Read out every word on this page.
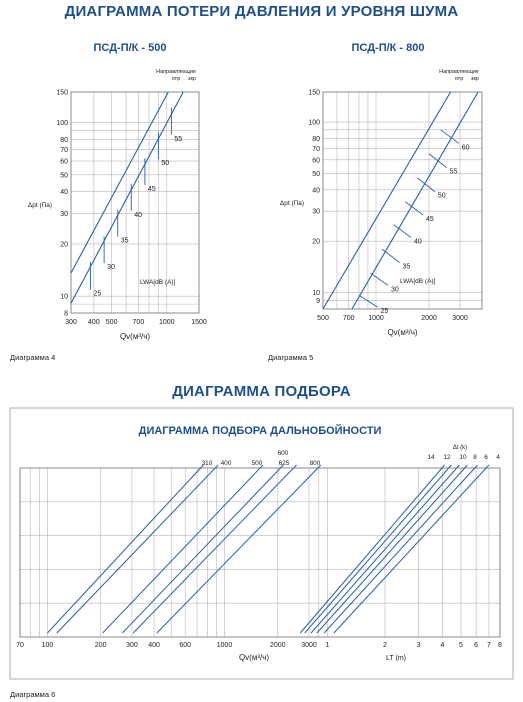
ДИАГРАММА ПОТЕРИ ДАВЛЕНИЯ И УРОВНЯ ШУМА
ПСД-П/К - 500	ПСД-П/К - 800
Диаграмма 4	Диаграмма 5
ДИАГРАММА ПОДБОРА
ДИАГРАММА ПОДБОРА ДАЛЬНОБОЙНОСТИ
Диаграмма 6
300 400 500 700 1000 1500
8
10
20
30
40
50
60
70
80
100
150
Qv(м³/ч)
Δpt (Па)
Направляющие
отр зкр
LWA[dB (A)]
25
30
35
40
45
50
55
500 700 1000	2000 3000
9
10
20
30
40
50
60
70
80
100
150
Qv(м³/ч)
Δpt (Па)
Направляющие
отр зкр
LWA[dB (A)]
25
30
35
40
45
50
55
60
70	100	200	300 400	600	1000	2000 3000 1	2	3	4 5 6 7 8
Qv(м³/ч)	LT (m)
Δt (k)
310 400	500
600
625	800
14 12 10 8 6 4
